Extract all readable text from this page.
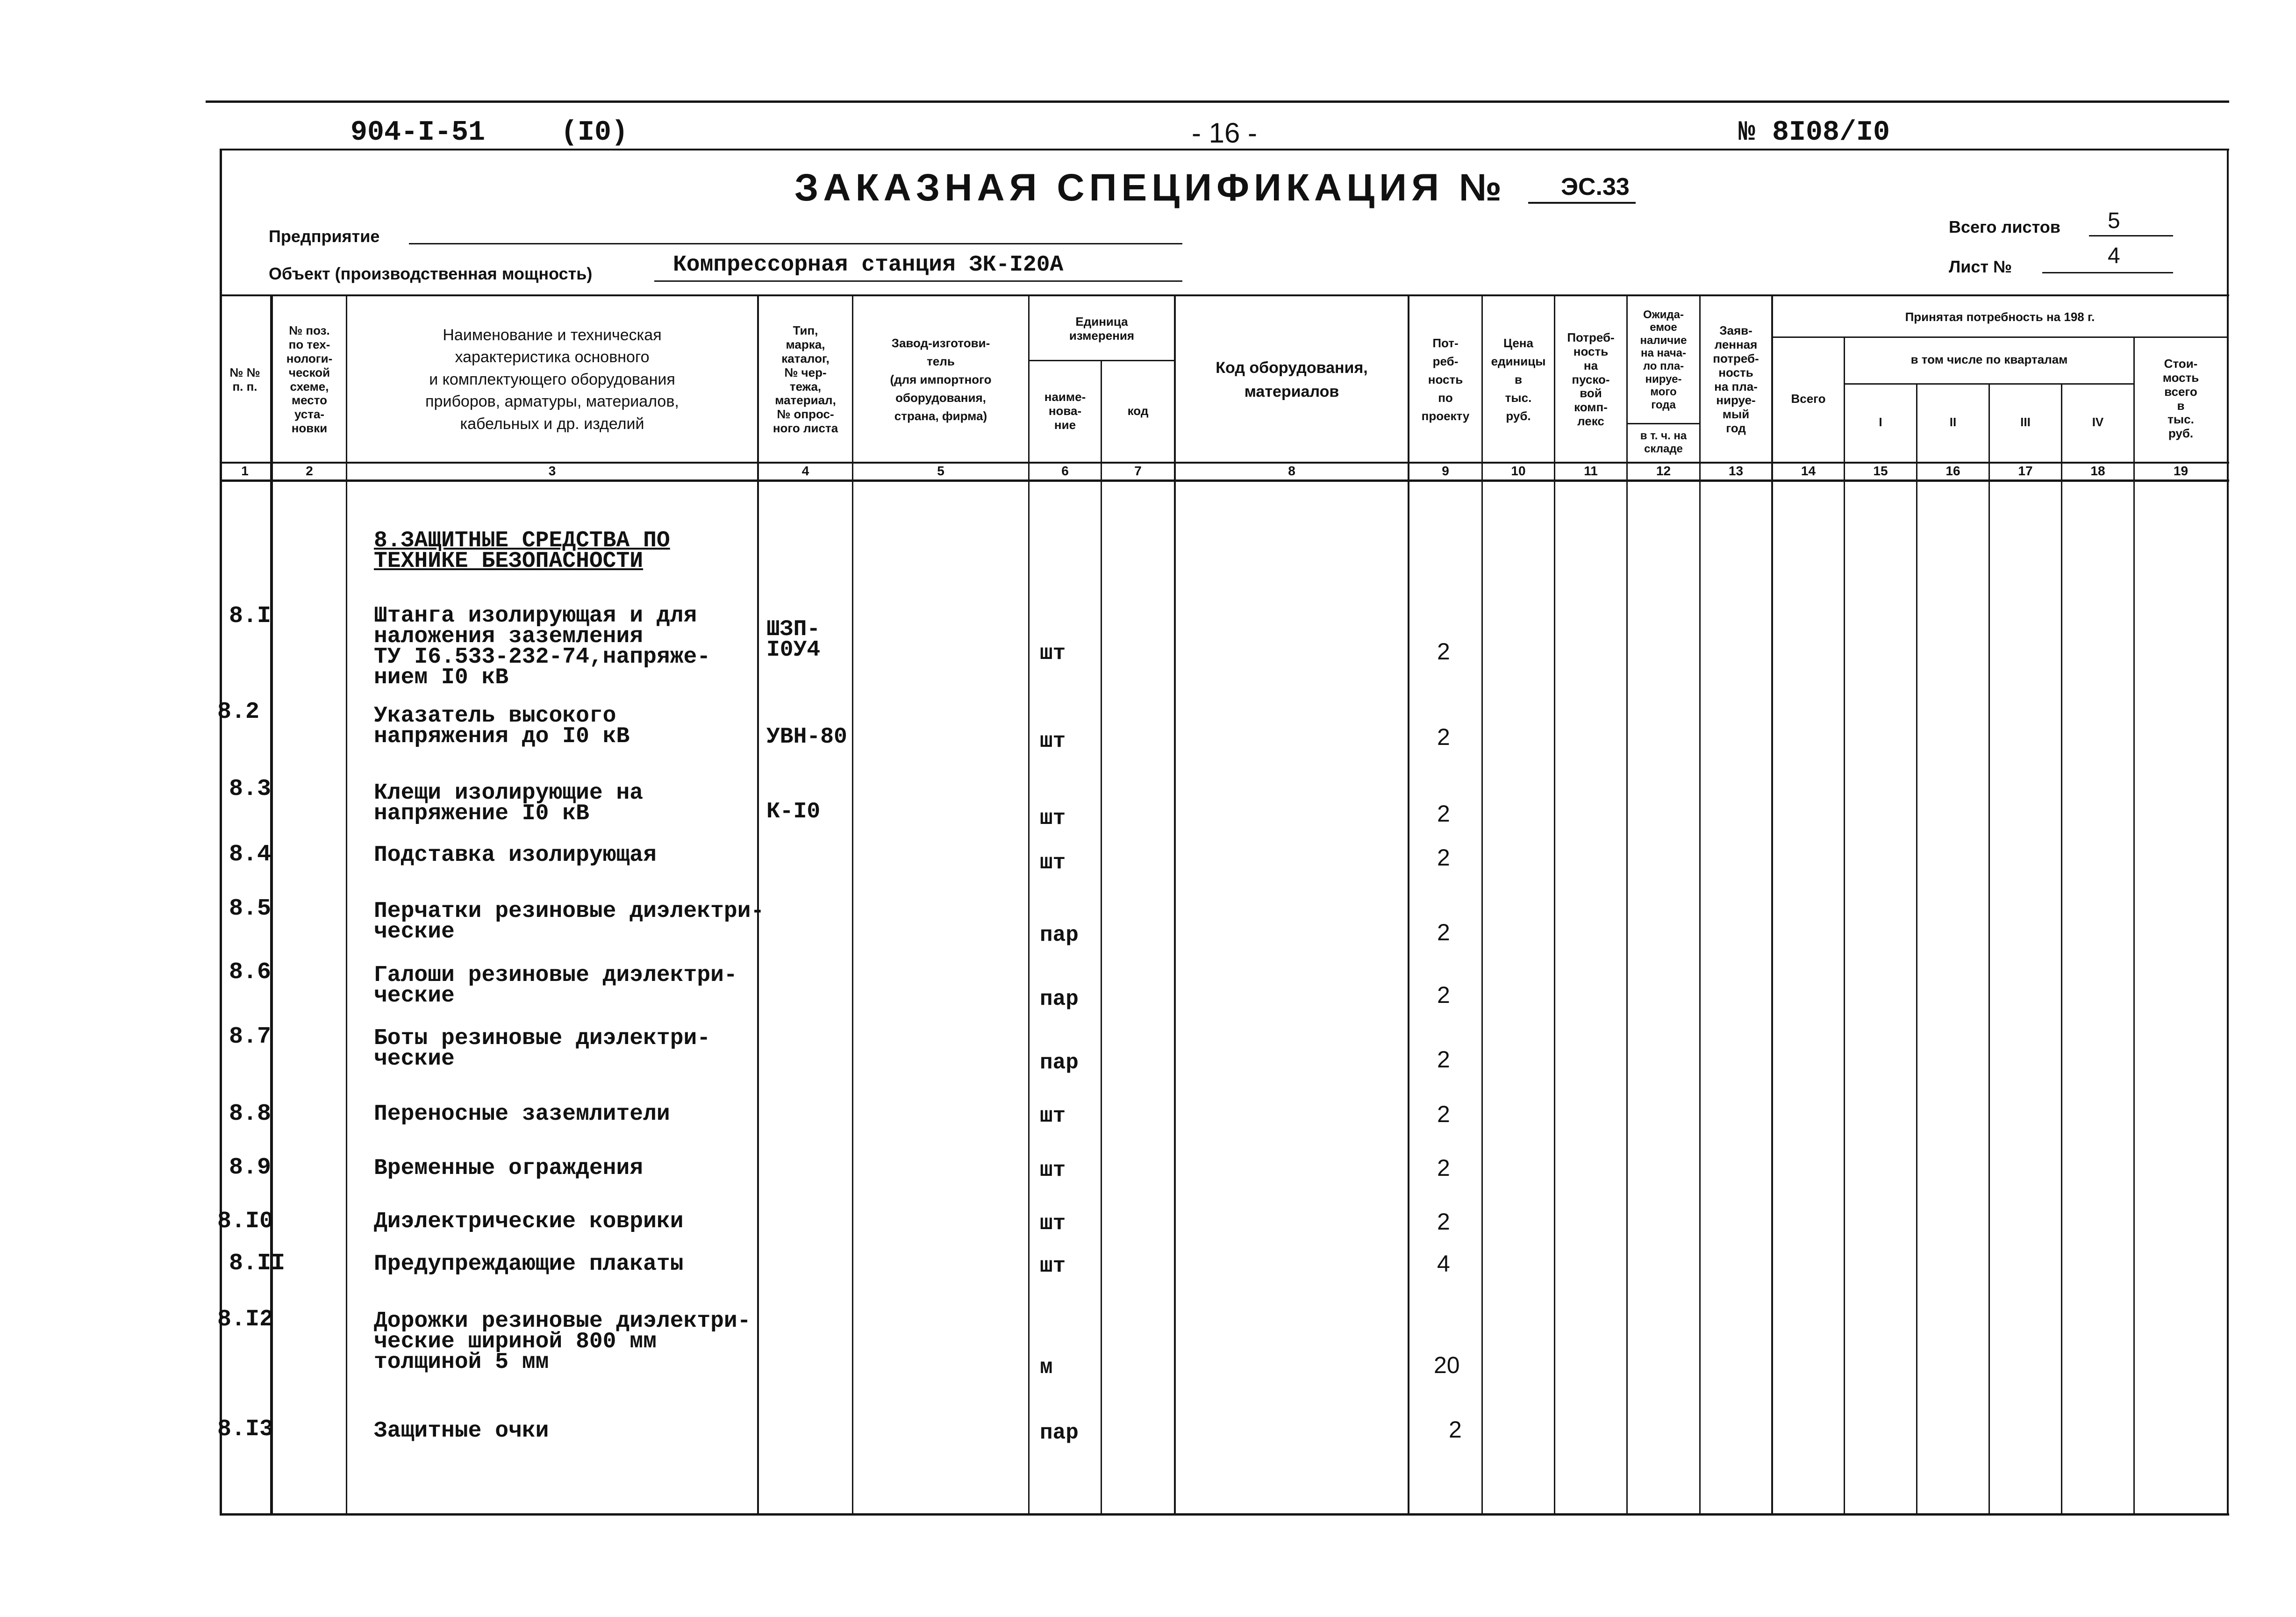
904-I-51	(I0)	- 16 -	№ 8I08/I0
ЗАКАЗНАЯ СПЕЦИФИКАЦИЯ № ЭС.33
Предприятие
Объект (производственная мощность)	Компрессорная станция ЗК-I20А
Всего листов 5
Лист №	4
№ №
п. п.
№ поз.
по тех-
нологи-
ческой
схеме,
место
уста-
новки
Наименование и техническая
характеристика основного
и комплектующего оборудования
приборов, арматуры, материалов,
кабельных и др. изделий
Тип,
марка,
каталог,
№ чер-
тежа,
материал,
№ опрос-
ного листа
Завод-изготови-
тель
(для импортного
оборудования,
страна, фирма)
Единица
измерения
наиме-
нова-
ние
код
Код оборудования,
материалов
Пот-
реб-
ность
по
проекту
Цена
единицы
в
тыс.
руб.
Потреб-
ность
на
пуско-
вой
комп-
лекс
Ожида-
емое
наличие
на нача-
ло пла-
нируе-
мого
года
в т. ч. на
складе
Заяв-
ленная
потреб-
ность
на пла-
нируе-
мый
год
Принятая потребность на 198 г.
Всего
в том числе по кварталам
I	II	III	IV
Стои-
мость
всего
в
тыс.
руб.
1	2	3	4	5	6	7	8	9	10	11	12	13	14	15	16	17	18	19
8.ЗАЩИТНЫЕ СРЕДСТВА ПО
ТЕХНИКЕ БЕЗОПАСНОСТИ
8.I	Штанга изолирующая и для
наложения заземления
ТУ I6.533-232-74,напряже-
нием I0 кВ
ШЗП-
I0У4	шт	2
8.2	Указатель высокого
напряжения до I0 кВ	УВН-80	шт	2
8.3	Клещи изолирующие на
напряжение I0 кВ	К-I0	шт	2
8.4	Подставка изолирующая	шт	2
8.5	Перчатки резиновые диэлектри-
ческие	пар	2
8.6	Галоши резиновые диэлектри-
ческие	пар	2
8.7	Боты резиновые диэлектри-
ческие	пар	2
8.8	Переносные заземлители	шт	2
8.9	Временные ограждения	шт	2
8.I0	Диэлектрические коврики	шт	2
8.II	Предупреждающие плакаты	шт	4
8.I2	Дорожки резиновые диэлектри-
ческие шириной 800 мм
толщиной 5 мм	м	20
8.I3	Защитные очки	пар	2
